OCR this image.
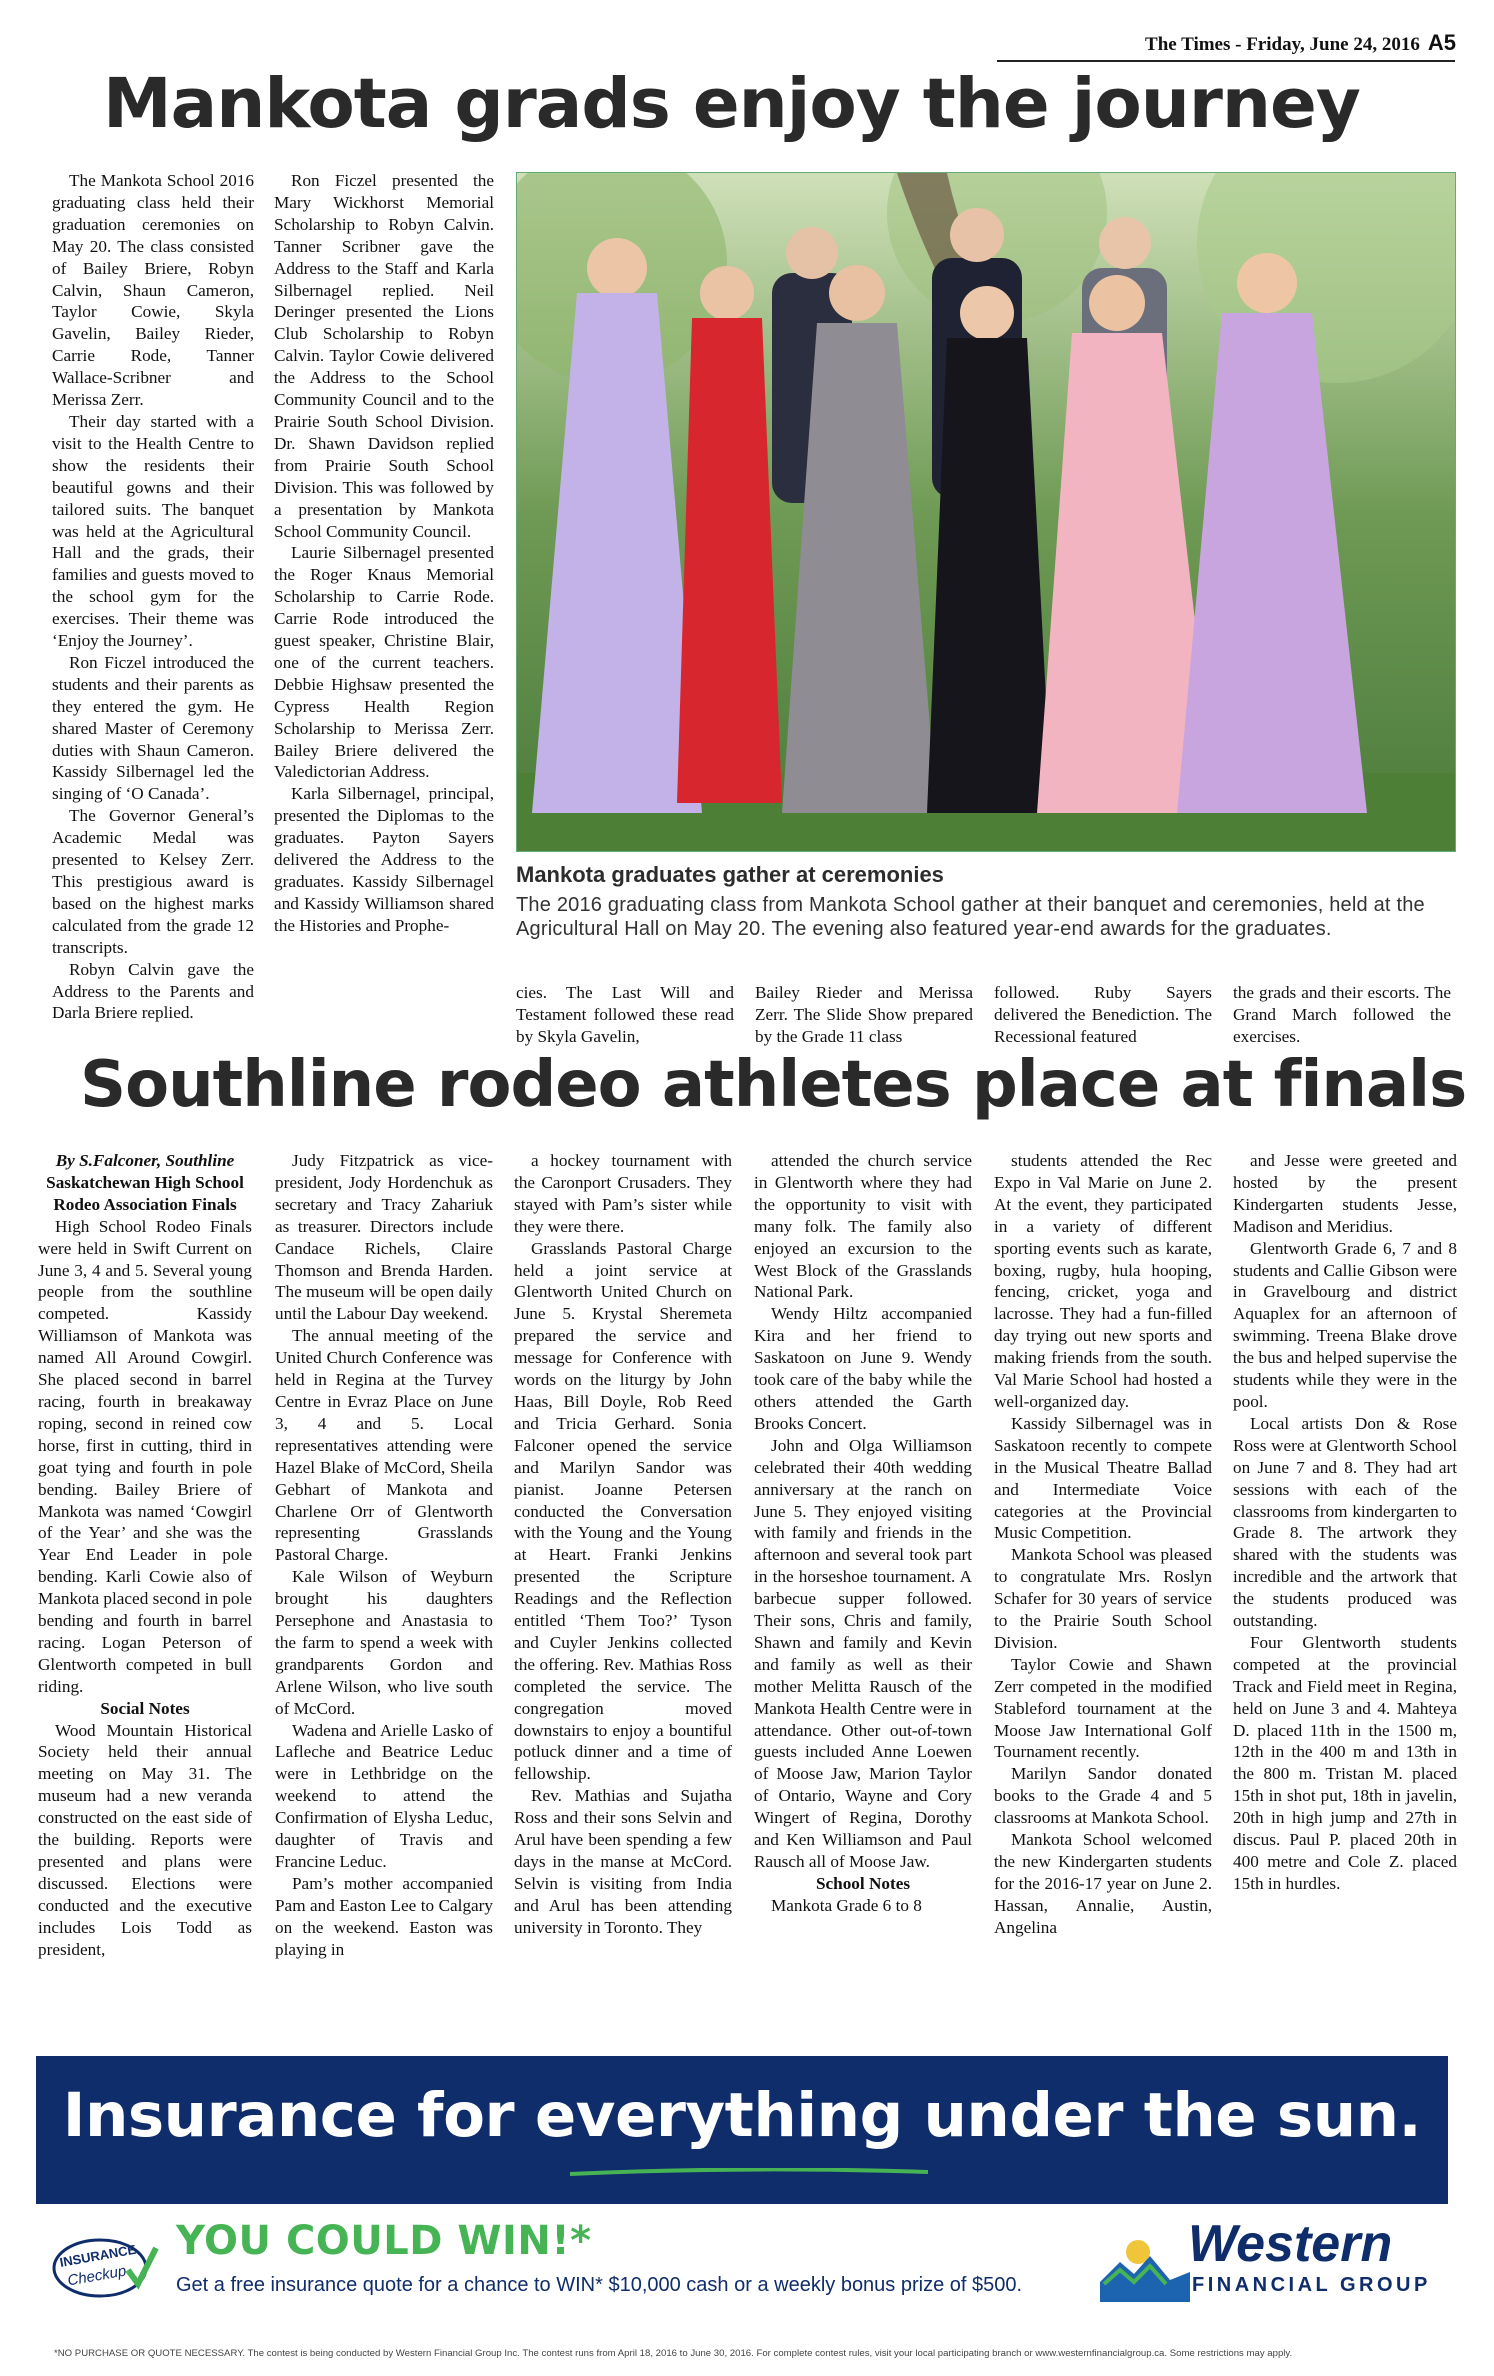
The Times - Friday, June 24, 2016 A5
Mankota grads enjoy the journey

The Mankota School 2016 graduating class held their graduation ceremonies on May 20. The class consisted of Bailey Briere, Robyn Calvin, Shaun Cameron, Taylor Cowie, Skyla Gavelin, Bailey Rieder, Carrie Rode, Tanner Wallace-Scribner and Merissa Zerr.

Their day started with a visit to the Health Centre to show the residents their beautiful gowns and their tailored suits. The banquet was held at the Agricultural Hall and the grads, their families and guests moved to the school gym for the exercises. Their theme was ‘Enjoy the Journey’.

Ron Ficzel introduced the students and their parents as they entered the gym. He shared Master of Ceremony duties with Shaun Cameron. Kassidy Silbernagel led the singing of ‘O Canada’.

The Governor General’s Academic Medal was presented to Kelsey Zerr. This prestigious award is based on the highest marks calculated from the grade 12 transcripts.

Robyn Calvin gave the Address to the Parents and Darla Briere replied.

Ron Ficzel presented the Mary Wickhorst Memorial Scholarship to Robyn Calvin. Tanner Scribner gave the Address to the Staff and Karla Silbernagel replied. Neil Deringer presented the Lions Club Scholarship to Robyn Calvin. Taylor Cowie delivered the Address to the School Community Council and to the Prairie South School Division. Dr. Shawn Davidson replied from Prairie South School Division. This was followed by a presentation by Mankota School Community Council.

Laurie Silbernagel presented the Roger Knaus Memorial Scholarship to Carrie Rode. Carrie Rode introduced the guest speaker, Christine Blair, one of the current teachers. Debbie Highsaw presented the Cypress Health Region Scholarship to Merissa Zerr. Bailey Briere delivered the Valedictorian Address.

Karla Silbernagel, principal, presented the Diplomas to the graduates. Payton Sayers delivered the Address to the graduates. Kassidy Silbernagel and Kassidy Williamson shared the Histories and Prophe-

Mankota graduates gather at ceremonies
The 2016 graduating class from Mankota School gather at their banquet and ceremonies, held at the Agricultural Hall on May 20. The evening also featured year-end awards for the graduates.

cies. The Last Will and Testament followed these read by Skyla Gavelin,

Bailey Rieder and Merissa Zerr. The Slide Show prepared by the Grade 11 class

followed. Ruby Sayers delivered the Benediction. The Recessional featured

the grads and their escorts. The Grand March followed the exercises.

Southline rodeo athletes place at finals

By S.Falconer, Southline

Saskatchewan High School Rodeo Association Finals

High School Rodeo Finals were held in Swift Current on June 3, 4 and 5. Several young people from the southline competed. Kassidy Williamson of Mankota was named All Around Cowgirl. She placed second in barrel racing, fourth in breakaway roping, second in reined cow horse, first in cutting, third in goat tying and fourth in pole bending. Bailey Briere of Mankota was named ‘Cowgirl of the Year’ and she was the Year End Leader in pole bending. Karli Cowie also of Mankota placed second in pole bending and fourth in barrel racing. Logan Peterson of Glentworth competed in bull riding.

Social Notes

Wood Mountain Historical Society held their annual meeting on May 31. The museum had a new veranda constructed on the east side of the building. Reports were presented and plans were discussed. Elections were conducted and the executive includes Lois Todd as president,

Judy Fitzpatrick as vice-president, Jody Hordenchuk as secretary and Tracy Zahariuk as treasurer. Directors include Candace Richels, Claire Thomson and Brenda Harden. The museum will be open daily until the Labour Day weekend.

The annual meeting of the United Church Conference was held in Regina at the Turvey Centre in Evraz Place on June 3, 4 and 5. Local representatives attending were Hazel Blake of McCord, Sheila Gebhart of Mankota and Charlene Orr of Glentworth representing Grasslands Pastoral Charge.

Kale Wilson of Weyburn brought his daughters Persephone and Anastasia to the farm to spend a week with grandparents Gordon and Arlene Wilson, who live south of McCord.

Wadena and Arielle Lasko of Lafleche and Beatrice Leduc were in Lethbridge on the weekend to attend the Confirmation of Elysha Leduc, daughter of Travis and Francine Leduc.

Pam’s mother accompanied Pam and Easton Lee to Calgary on the weekend. Easton was playing in

a hockey tournament with the Caronport Crusaders. They stayed with Pam’s sister while they were there.

Grasslands Pastoral Charge held a joint service at Glentworth United Church on June 5. Krystal Sheremeta prepared the service and message for Conference with words on the liturgy by John Haas, Bill Doyle, Rob Reed and Tricia Gerhard. Sonia Falconer opened the service and Marilyn Sandor was pianist. Joanne Petersen conducted the Conversation with the Young and the Young at Heart. Franki Jenkins presented the Scripture Readings and the Reflection entitled ‘Them Too?’ Tyson and Cuyler Jenkins collected the offering. Rev. Mathias Ross completed the service. The congregation moved downstairs to enjoy a bountiful potluck dinner and a time of fellowship.

Rev. Mathias and Sujatha Ross and their sons Selvin and Arul have been spending a few days in the manse at McCord. Selvin is visiting from India and Arul has been attending university in Toronto. They

attended the church service in Glentworth where they had the opportunity to visit with many folk. The family also enjoyed an excursion to the West Block of the Grasslands National Park.

Wendy Hiltz accompanied Kira and her friend to Saskatoon on June 9. Wendy took care of the baby while the others attended the Garth Brooks Concert.

John and Olga Williamson celebrated their 40th wedding anniversary at the ranch on June 5. They enjoyed visiting with family and friends in the afternoon and several took part in the horseshoe tournament. A barbecue supper followed. Their sons, Chris and family, Shawn and family and Kevin and family as well as their mother Melitta Rausch of the Mankota Health Centre were in attendance. Other out-of-town guests included Anne Loewen of Moose Jaw, Marion Taylor of Ontario, Wayne and Cory Wingert of Regina, Dorothy and Ken Williamson and Paul Rausch all of Moose Jaw.

School Notes

Mankota Grade 6 to 8

students attended the Rec Expo in Val Marie on June 2. At the event, they participated in a variety of different sporting events such as karate, boxing, rugby, hula hooping, fencing, cricket, yoga and lacrosse. They had a fun-filled day trying out new sports and making friends from the south. Val Marie School had hosted a well-organized day.

Kassidy Silbernagel was in Saskatoon recently to compete in the Musical Theatre Ballad and Intermediate Voice categories at the Provincial Music Competition.

Mankota School was pleased to congratulate Mrs. Roslyn Schafer for 30 years of service to the Prairie South School Division.

Taylor Cowie and Shawn Zerr competed in the modified Stableford tournament at the Moose Jaw International Golf Tournament recently.

Marilyn Sandor donated books to the Grade 4 and 5 classrooms at Mankota School.

Mankota School welcomed the new Kindergarten students for the 2016-17 year on June 2. Hassan, Annalie, Austin, Angelina

and Jesse were greeted and hosted by the present Kindergarten students Jesse, Madison and Meridius.

Glentworth Grade 6, 7 and 8 students and Callie Gibson were in Gravelbourg and district Aquaplex for an afternoon of swimming. Treena Blake drove the bus and helped supervise the students while they were in the pool.

Local artists Don & Rose Ross were at Glentworth School on June 7 and 8. They had art sessions with each of the classrooms from kindergarten to Grade 8. The artwork they shared with the students was incredible and the artwork that the students produced was outstanding.

Four Glentworth students competed at the provincial Track and Field meet in Regina, held on June 3 and 4. Mahteya D. placed 11th in the 1500 m, 12th in the 400 m and 13th in the 800 m. Tristan M. placed 15th in shot put, 18th in javelin, 20th in high jump and 27th in discus. Paul P. placed 20th in 400 metre and Cole Z. placed 15th in hurdles.

Insurance for everything under the sun.
INSURANCE
Checkup
YOU COULD WIN!*
Get a free insurance quote for a chance to WIN* $10,000 cash or a weekly bonus prize of $500.
Western
FINANCIAL GROUP
*NO PURCHASE OR QUOTE NECESSARY. The contest is being conducted by Western Financial Group Inc. The contest runs from April 18, 2016 to June 30, 2016. For complete contest rules, visit your local participating branch or www.westernfinancialgroup.ca. Some restrictions may apply.
